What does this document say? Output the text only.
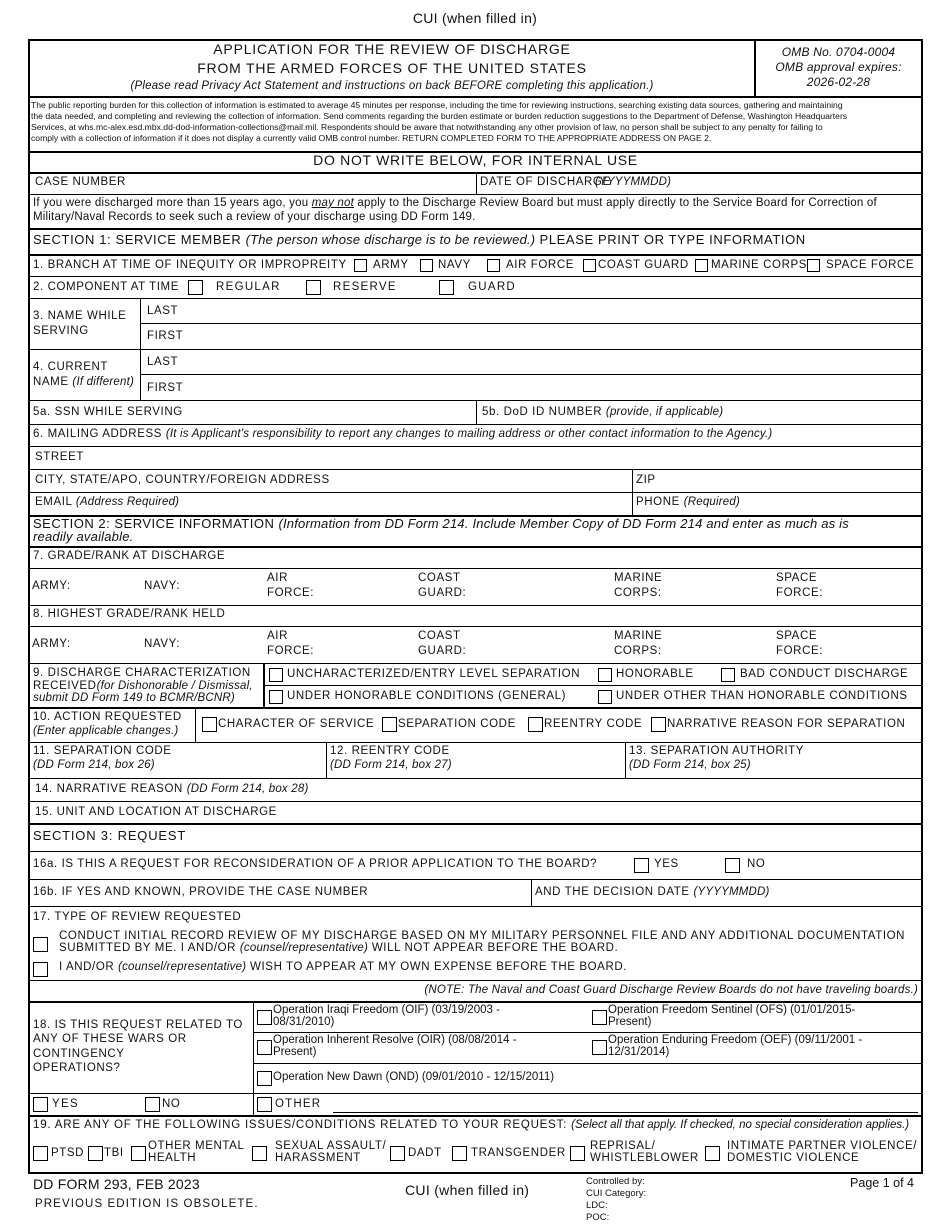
CUI (when filled in)
APPLICATION FOR THE REVIEW OF DISCHARGE
FROM THE ARMED FORCES OF THE UNITED STATES
(Please read Privacy Act Statement and instructions on back BEFORE completing this application.)
OMB No. 0704-0004
OMB approval expires:
2026-02-28
The public reporting burden for this collection of information is estimated to average 45 minutes per response, including the time for reviewing instructions, searching existing data sources, gathering and maintaining
the data needed, and completing and reviewing the collection of information. Send comments regarding the burden estimate or burden reduction suggestions to the Department of Defense, Washington Headquarters
Services, at whs.mc-alex.esd.mbx.dd-dod-information-collections@mail.mil. Respondents should be aware that notwithstanding any other provision of law, no person shall be subject to any penalty for failing to
comply with a collection of information if it does not display a currently valid OMB control number. RETURN COMPLETED FORM TO THE APPROPRIATE ADDRESS ON PAGE 2.
DO NOT WRITE BELOW, FOR INTERNAL USE
CASE NUMBER	DATE OF DISCHARGE
(YYYYMMDD)
If you were discharged more than 15 years ago, you may not apply to the Discharge Review Board but must apply directly to the Service Board for Correction of
Military/Naval Records to seek such a review of your discharge using DD Form 149.
SECTION 1: SERVICE MEMBER (The person whose discharge is to be reviewed.) PLEASE PRINT OR TYPE INFORMATION
1. BRANCH AT TIME OF INEQUITY OR IMPROPREITY ARMY	NAVY	AIR FORCE COAST GUARD MARINE CORPS SPACE FORCE
2. COMPONENT AT TIME	REGULAR	RESERVE	GUARD
3. NAME WHILE
SERVING
LAST
FIRST
4. CURRENT
NAME (If different)
LAST
FIRST
5a. SSN WHILE SERVING	5b. DoD ID NUMBER (provide, if applicable)
6. MAILING ADDRESS (It is Applicant's responsibility to report any changes to mailing address or other contact information to the Agency.)
STREET
CITY, STATE/APO, COUNTRY/FOREIGN ADDRESS	ZIP
EMAIL (Address Required)	PHONE (Required)
SECTION 2: SERVICE INFORMATION (Information from DD Form 214. Include Member Copy of DD Form 214 and enter as much as is
readily available.
7. GRADE/RANK AT DISCHARGE
ARMY:	NAVY:
AIR
FORCE:
COAST
GUARD:
MARINE
CORPS:
SPACE
FORCE:
8. HIGHEST GRADE/RANK HELD
ARMY:	NAVY:
AIR
FORCE:
COAST
GUARD:
MARINE
CORPS:
SPACE
FORCE:
9. DISCHARGE CHARACTERIZATION
RECEIVED(for Dishonorable / Dismissal,
submit DD Form 149 to BCMR/BCNR)
UNCHARACTERIZED/ENTRY LEVEL SEPARATION	HONORABLE	BAD CONDUCT DISCHARGE
UNDER HONORABLE CONDITIONS (GENERAL)	UNDER OTHER THAN HONORABLE CONDITIONS
10. ACTION REQUESTED
(Enter applicable changes.)
CHARACTER OF SERVICE SEPARATION CODE REENTRY CODE NARRATIVE REASON FOR SEPARATION
11. SEPARATION CODE
(DD Form 214, box 26)
12. REENTRY CODE
(DD Form 214, box 27)
13. SEPARATION AUTHORITY
(DD Form 214, box 25)
14. NARRATIVE REASON (DD Form 214, box 28)
15. UNIT AND LOCATION AT DISCHARGE
SECTION 3: REQUEST
16a. IS THIS A REQUEST FOR RECONSIDERATION OF A PRIOR APPLICATION TO THE BOARD?	YES	NO
16b. IF YES AND KNOWN, PROVIDE THE CASE NUMBER	AND THE DECISION DATE (YYYYMMDD)
17. TYPE OF REVIEW REQUESTED
CONDUCT INITIAL RECORD REVIEW OF MY DISCHARGE BASED ON MY MILITARY PERSONNEL FILE AND ANY ADDITIONAL DOCUMENTATION
SUBMITTED BY ME. I AND/OR (counsel/representative) WILL NOT APPEAR BEFORE THE BOARD.
I AND/OR (counsel/representative) WISH TO APPEAR AT MY OWN EXPENSE BEFORE THE BOARD.
(NOTE: The Naval and Coast Guard Discharge Review Boards do not have traveling boards.)
18. IS THIS REQUEST RELATED TO
ANY OF THESE WARS OR
CONTINGENCY
OPERATIONS?
Operation Iraqi Freedom (OIF) (03/19/2003 -
08/31/2010)
Operation Freedom Sentinel (OFS) (01/01/2015-
Present)
Operation Inherent Resolve (OIR) (08/08/2014 -
Present)
Operation Enduring Freedom (OEF) (09/11/2001 -
12/31/2014)
Operation New Dawn (OND) (09/01/2010 - 12/15/2011)
YES	NO	OTHER
19. ARE ANY OF THE FOLLOWING ISSUES/CONDITIONS RELATED TO YOUR REQUEST: (Select all that apply. If checked, no special consideration applies.)
PTSD TBI
OTHER MENTAL
HEALTH
SEXUAL ASSAULT/
HARASSMENT	DADT	TRANSGENDER
REPRISAL/
WHISTLEBLOWER
INTIMATE PARTNER VIOLENCE/
DOMESTIC VIOLENCE
DD FORM 293, FEB 2023
PREVIOUS EDITION IS OBSOLETE.
CUI (when filled in)
Controlled by:
CUI Category:
LDC:
POC:
Page 1 of 4
